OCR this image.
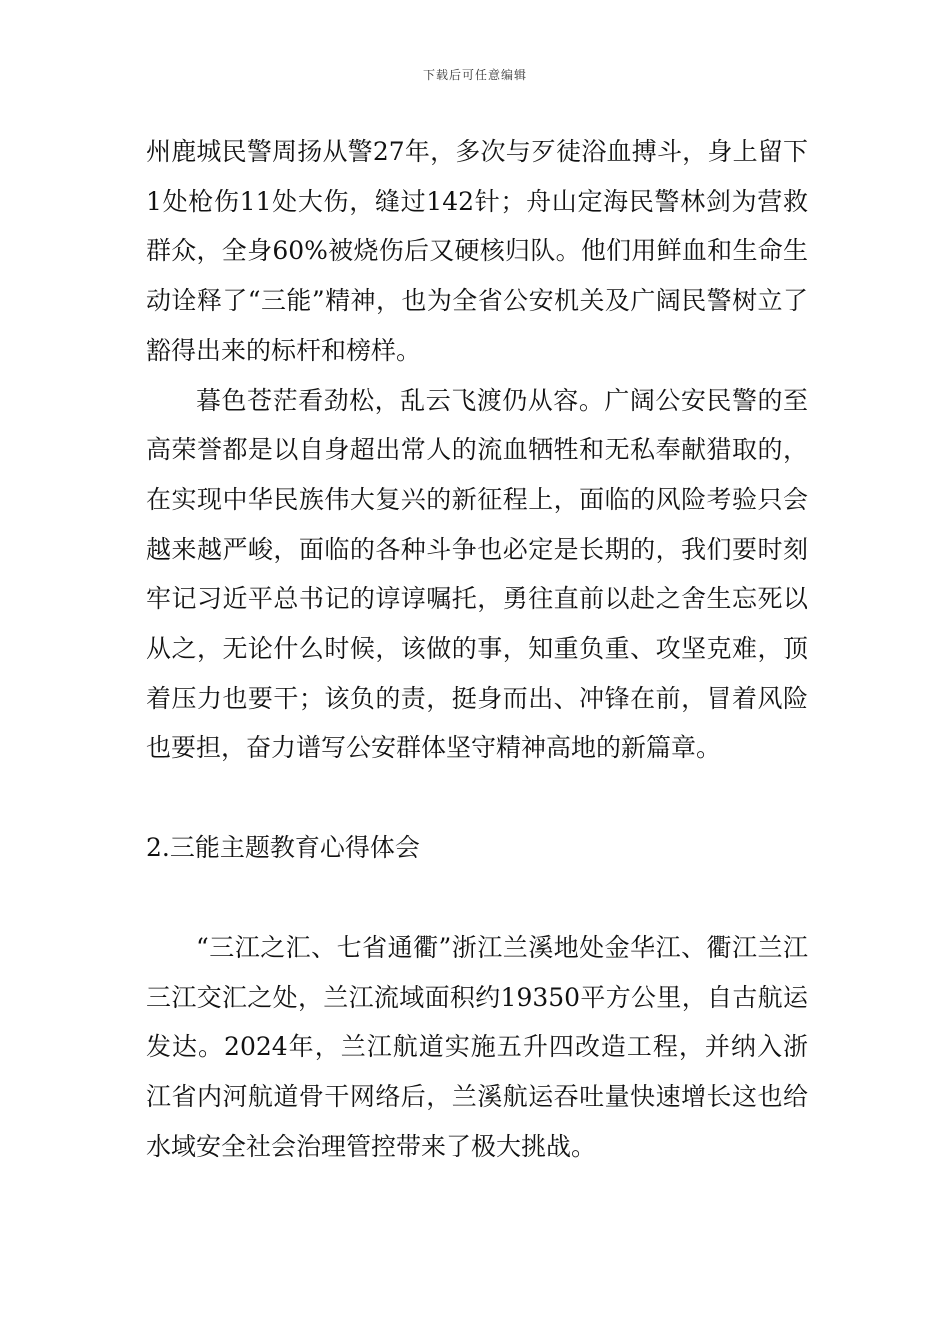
下载后可任意编辑

州鹿城民警周扬从警27年，多次与歹徒浴血搏斗，身上留下1处枪伤11处大伤，缝过142针；舟山定海民警林剑为营救群众，全身60%被烧伤后又硬核归队。他们用鲜血和生命生动诠释了“三能”精神，也为全省公安机关及广阔民警树立了豁得出来的标杆和榜样。

暮色苍茫看劲松，乱云飞渡仍从容。广阔公安民警的至高荣誉都是以自身超出常人的流血牺牲和无私奉献猎取的，在实现中华民族伟大复兴的新征程上，面临的风险考验只会越来越严峻，面临的各种斗争也必定是长期的，我们要时刻牢记习近平总书记的谆谆嘱托，勇往直前以赴之舍生忘死以从之，无论什么时候，该做的事，知重负重、攻坚克难，顶着压力也要干；该负的责，挺身而出、冲锋在前，冒着风险也要担，奋力谱写公安群体坚守精神高地的新篇章。

2.三能主题教育心得体会

“三江之汇、七省通衢”浙江兰溪地处金华江、衢江兰江三江交汇之处，兰江流域面积约19350平方公里，自古航运发达。2024年，兰江航道实施五升四改造工程，并纳入浙江省内河航道骨干网络后，兰溪航运吞吐量快速增长这也给水域安全社会治理管控带来了极大挑战。
